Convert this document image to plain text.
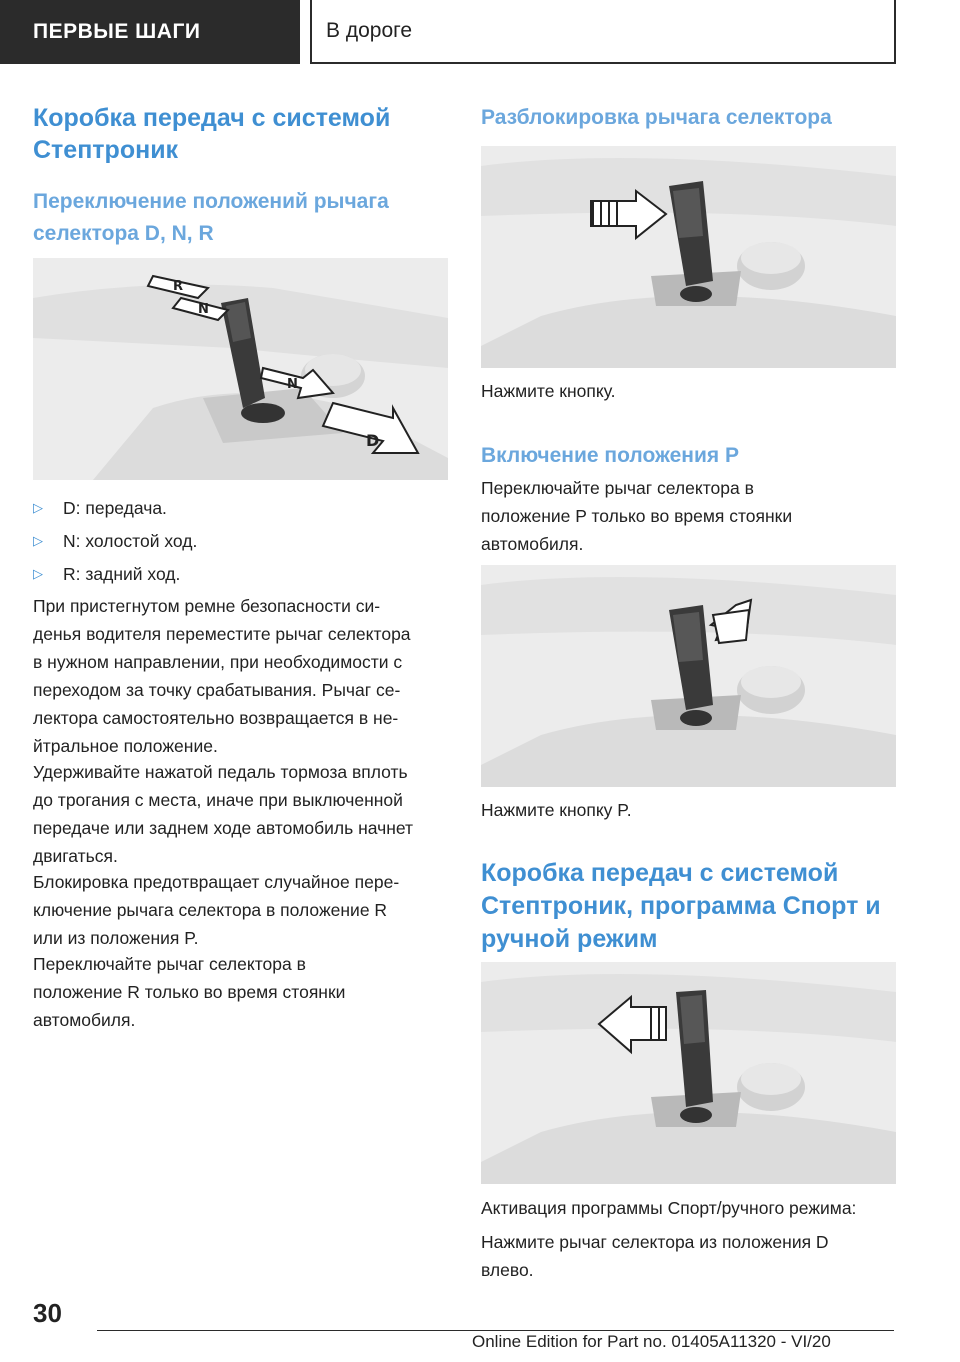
ПЕРВЫЕ ШАГИ	В дороге
Коробка передач с системой Стептроник
Переключение положений рычага селектора D, N, R
R
N
N
D
▷	D: передача.
▷	N: холостой ход.
▷	R: задний ход.
При пристегнутом ремне безопасности си-
денья водителя переместите рычаг селектора
в нужном направлении, при необходимости с
переходом за точку срабатывания. Рычаг се-
лектора самостоятельно возвращается в не-
йтральное положение.
Удерживайте нажатой педаль тормоза вплоть
до трогания с места, иначе при выключенной
передаче или заднем ходе автомобиль начнет
двигаться.
Блокировка предотвращает случайное пере-
ключение рычага селектора в положение R
или из положения P.
Переключайте рычаг селектора в
положение R только во время стоянки
автомобиля.
Разблокировка рычага селектора
Нажмите кнопку.
Включение положения P
Переключайте рычаг селектора в
положение P только во время стоянки
автомобиля.
Нажмите кнопку P.
Коробка передач с системой Стептроник, программа Спорт и ручной режим
Активация программы Спорт/ручного режима:
Нажмите рычаг селектора из положения D
влево.
30
Online Edition for Part no. 01405A11320 - VI/20
